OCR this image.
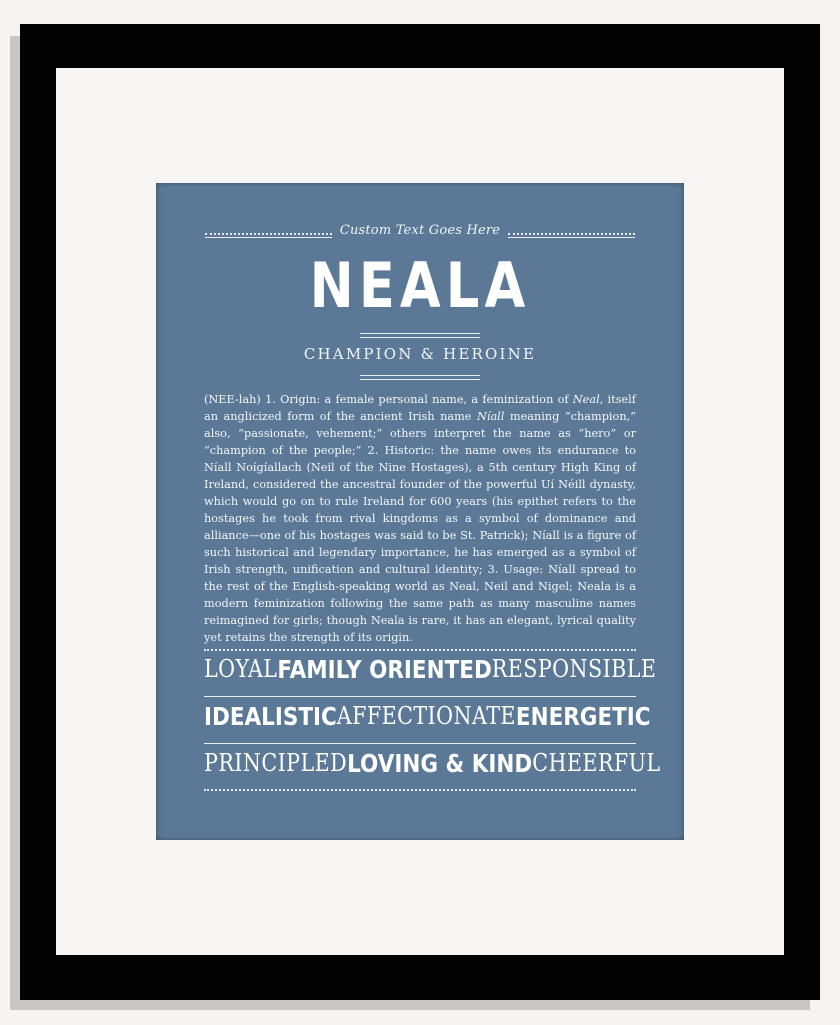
Custom Text Goes Here
NEALA
CHAMPION & HEROINE
(NEE-lah) 1. Origin: a female personal name, a feminization of Neal, itself an anglicized form of the ancient Irish name Níall meaning “champion,” also, “passionate, vehement;” others interpret the name as “hero” or “champion of the people;” 2. Historic: the name owes its endurance to Níall Noígíallach (Neil of the Nine Hostages), a 5th century High King of Ireland, considered the ancestral founder of the powerful Uí Néill dynasty, which would go on to rule Ireland for 600 years (his epithet refers to the hostages he took from rival kingdoms as a symbol of dominance and alliance—one of his hostages was said to be St. Patrick); Níall is a figure of such historical and legendary importance, he has emerged as a symbol of Irish strength, unification and cultural identity; 3. Usage: Níall spread to the rest of the English-speaking world as Neal, Neil and Nigel; Neala is a modern feminization following the same path as many masculine names reimagined for girls; though Neala is rare, it has an elegant, lyrical quality yet retains the strength of its origin.
LOYAL FAMILY ORIENTED RESPONSIBLE
IDEALISTIC AFFECTIONATE ENERGETIC
PRINCIPLED LOVING & KIND CHEERFUL
